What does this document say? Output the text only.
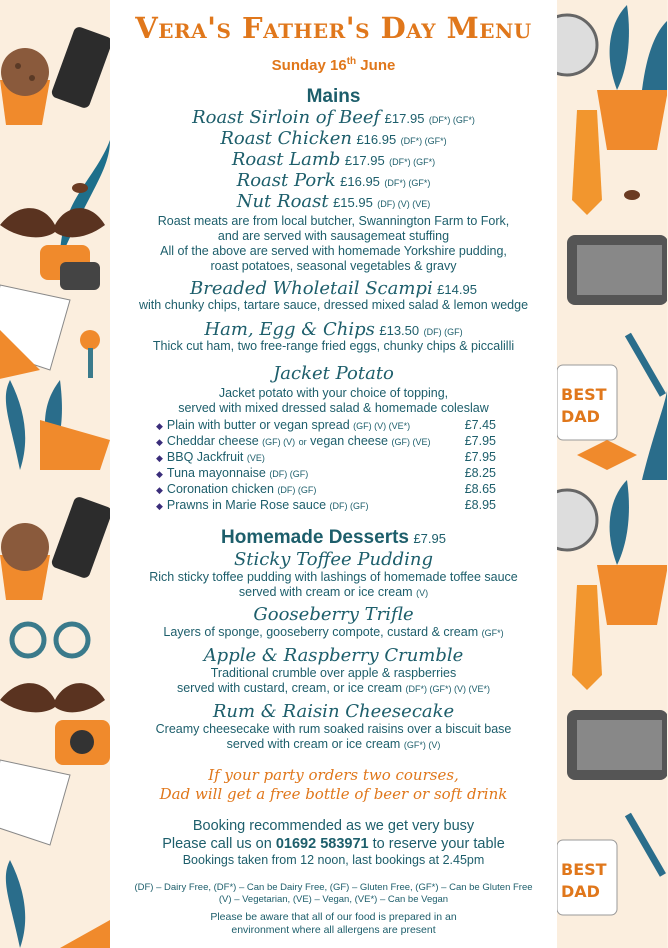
BEST
DAD
BEST
DAD
Vera's Father's Day Menu
Sunday 16th June
Mains
Roast Sirloin of Beef £17.95 (DF*) (GF*)
Roast Chicken £16.95 (DF*) (GF*)
Roast Lamb £17.95 (DF*) (GF*)
Roast Pork £16.95 (DF*) (GF*)
Nut Roast £15.95 (DF) (V) (VE)
Roast meats are from local butcher, Swannington Farm to Fork,
and are served with sausagemeat stuffing
All of the above are served with homemade Yorkshire pudding,
roast potatoes, seasonal vegetables & gravy
Breaded Wholetail Scampi £14.95
with chunky chips, tartare sauce, dressed mixed salad & lemon wedge
Ham, Egg & Chips £13.50 (DF) (GF)
Thick cut ham, two free-range fried eggs, chunky chips & piccalilli
Jacket Potato
Jacket potato with your choice of topping,
served with mixed dressed salad & homemade coleslaw
◆ Plain with butter or vegan spread (GF) (V) (VE*)	£7.45
◆ Cheddar cheese (GF) (V) or vegan cheese (GF) (VE)	£7.95
◆ BBQ Jackfruit (VE)	£7.95
◆ Tuna mayonnaise (DF) (GF)	£8.25
◆ Coronation chicken (DF) (GF)	£8.65
◆ Prawns in Marie Rose sauce (DF) (GF)	£8.95
Homemade Desserts £7.95
Sticky Toffee Pudding
Rich sticky toffee pudding with lashings of homemade toffee sauce
served with cream or ice cream (V)
Gooseberry Trifle
Layers of sponge, gooseberry compote, custard & cream (GF*)
Apple & Raspberry Crumble
Traditional crumble over apple & raspberries
served with custard, cream, or ice cream (DF*) (GF*) (V) (VE*)
Rum & Raisin Cheesecake
Creamy cheesecake with rum soaked raisins over a biscuit base
served with cream or ice cream (GF*) (V)
If your party orders two courses,
Dad will get a free bottle of beer or soft drink
Booking recommended as we get very busy
Please call us on 01692 583971 to reserve your table
Bookings taken from 12 noon, last bookings at 2.45pm
(DF) – Dairy Free, (DF*) – Can be Dairy Free, (GF) – Gluten Free, (GF*) – Can be Gluten Free
(V) – Vegetarian, (VE) – Vegan, (VE*) – Can be Vegan
Please be aware that all of our food is prepared in an
environment where all allergens are present
